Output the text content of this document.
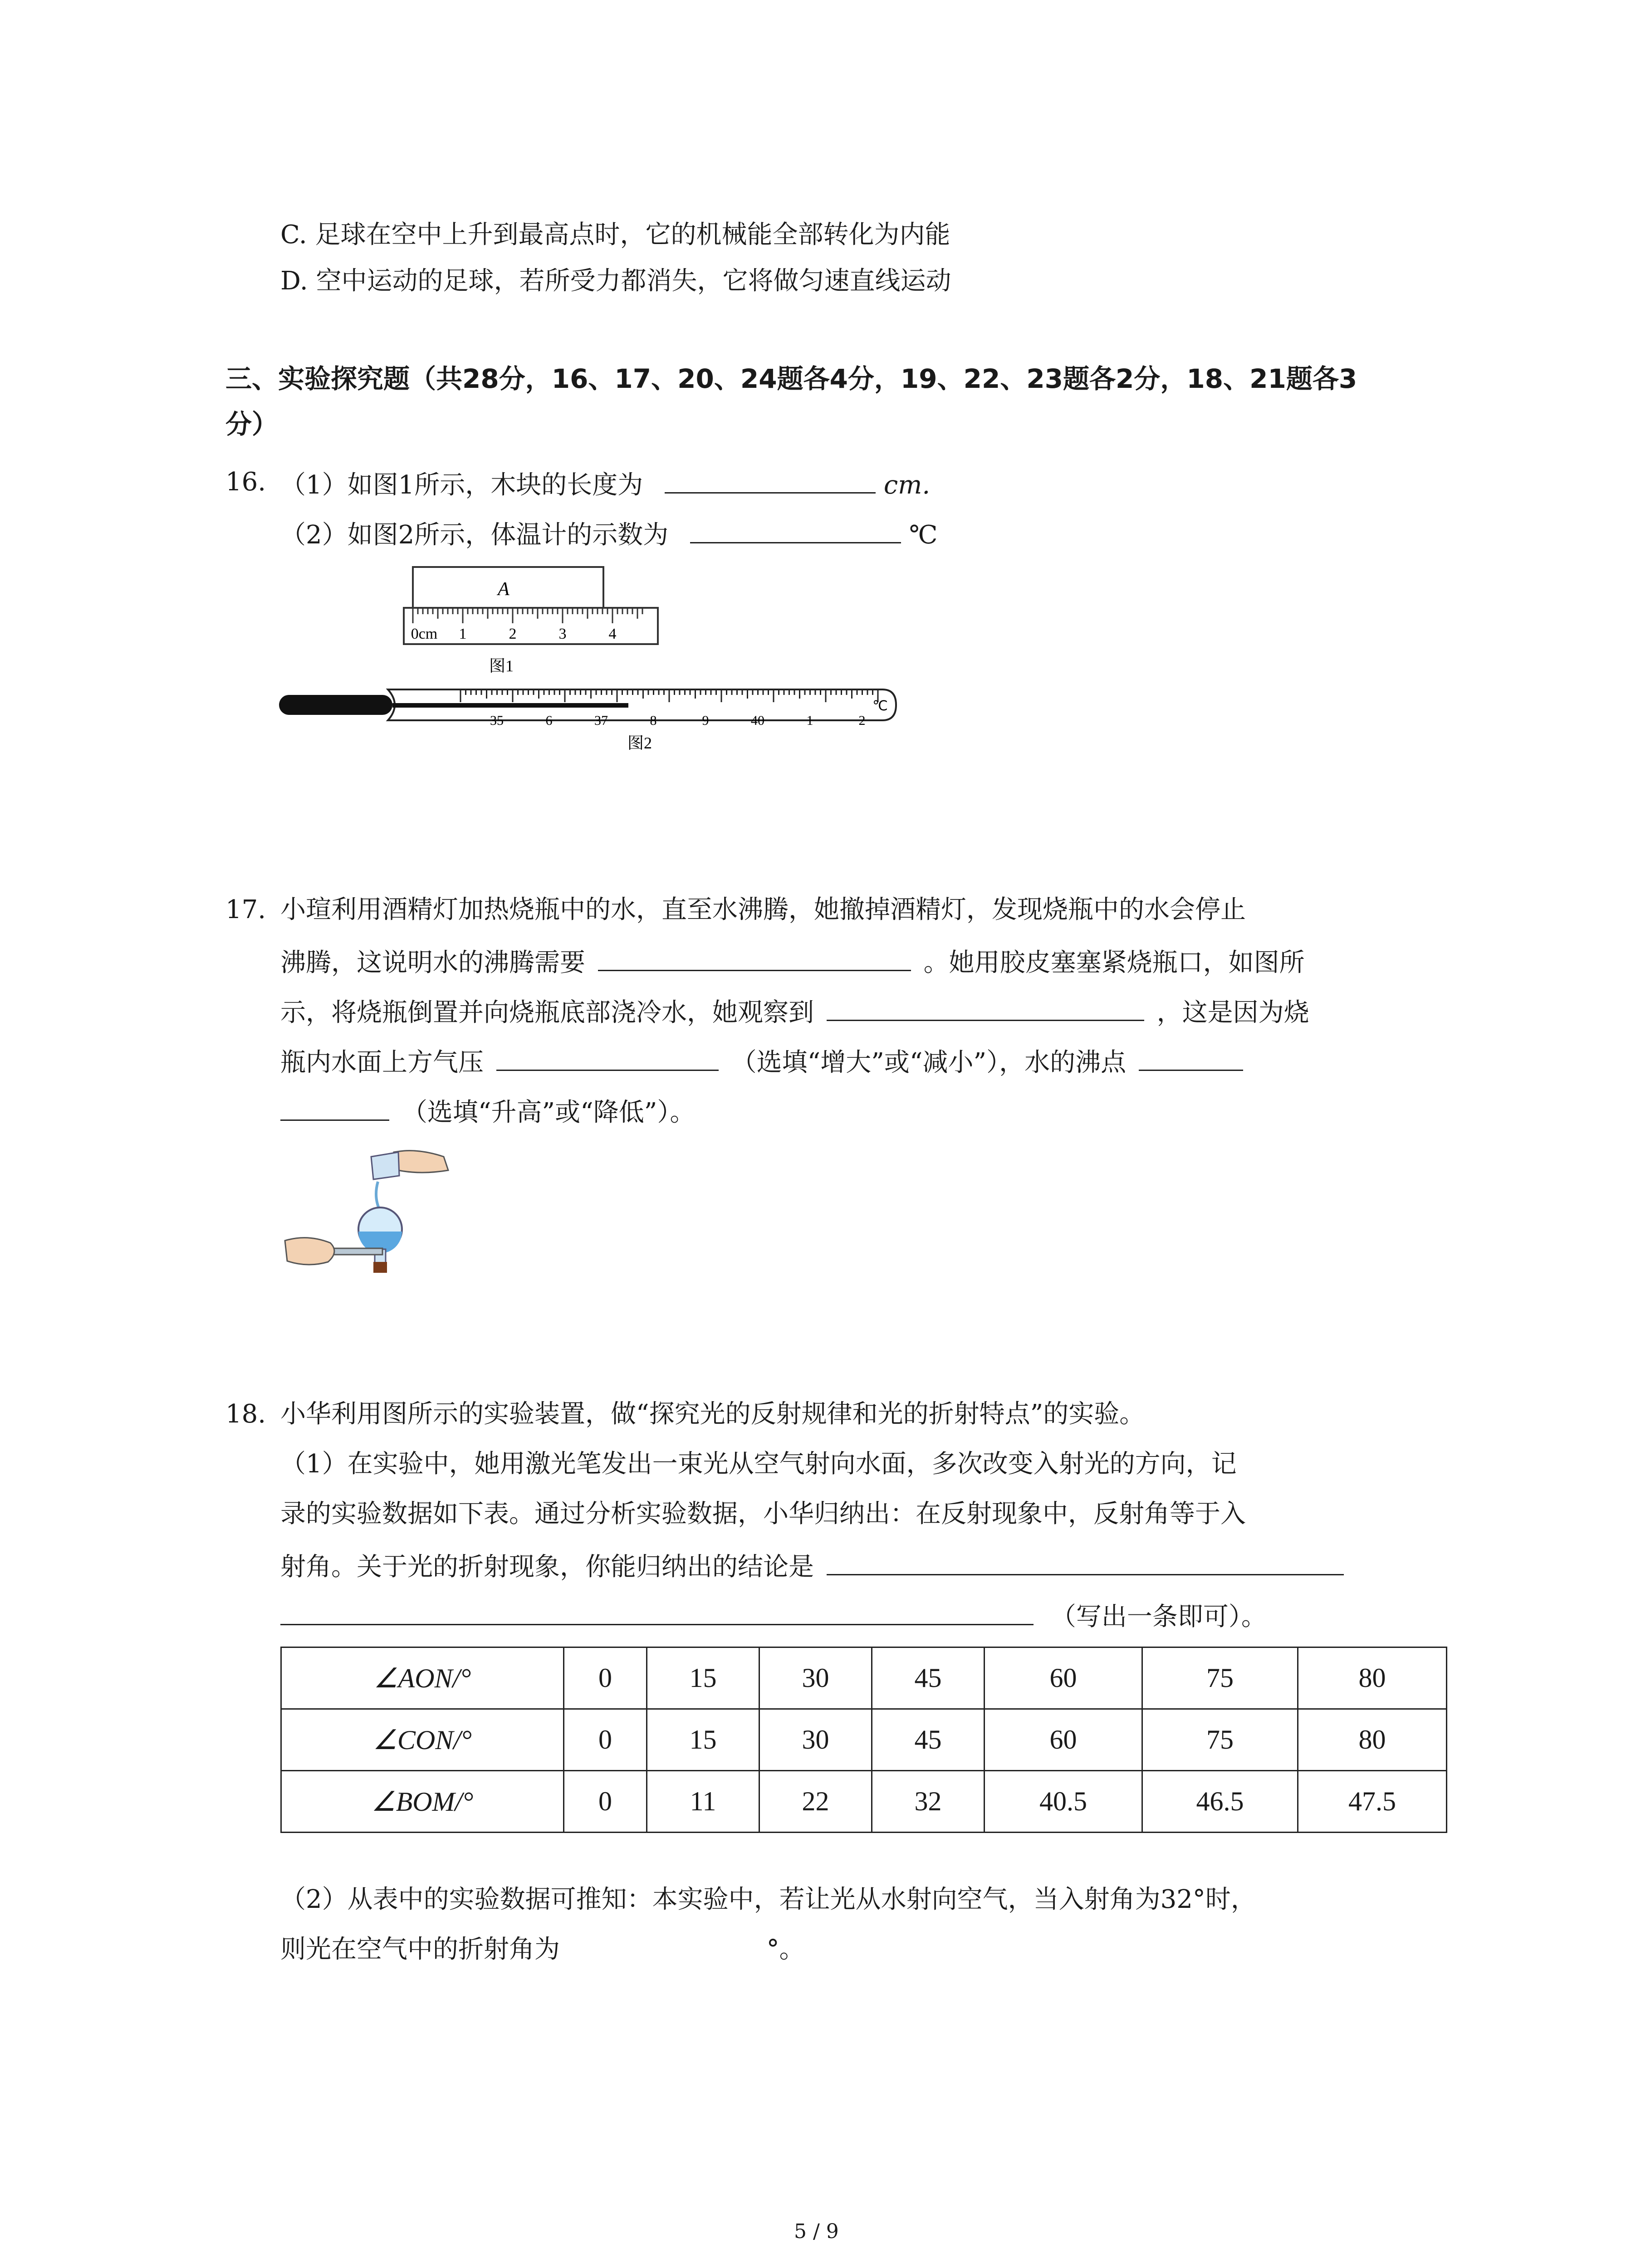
C. 足球在空中上升到最高点时，它的机械能全部转化为内能
D. 空中运动的足球，若所受力都消失，它将做匀速直线运动
三、实验探究题（共28分，16、17、20、24题各4分，19、22、23题各2分，18、21题各3
分）
16. （1）如图1所示，木块的长度为	cm.
（2）如图2所示，体温计的示数为	℃
A
0cm 1	2	3	4
图1
35	6	37	8	9	40	1	2
℃
图2
17. 小瑄利用酒精灯加热烧瓶中的水，直至水沸腾，她撤掉酒精灯，发现烧瓶中的水会停止
沸腾，这说明水的沸腾需要	。她用胶皮塞塞紧烧瓶口，如图所
示，将烧瓶倒置并向烧瓶底部浇冷水，她观察到	，这是因为烧
瓶内水面上方气压	（选填“增大”或“减小”），水的沸点
（选填“升高”或“降低”）。
18. 小华利用图所示的实验装置，做“探究光的反射规律和光的折射特点”的实验。
（1）在实验中，她用激光笔发出一束光从空气射向水面，多次改变入射光的方向，记
录的实验数据如下表。通过分析实验数据，小华归纳出：在反射现象中，反射角等于入
射角。关于光的折射现象，你能归纳出的结论是
（写出一条即可）。
∠AON/°	0	15	30	45	60	75	80
∠CON/°	0	15	30	45	60	75	80
∠BOM/°	0	11	22	32	40.5	46.5	47.5
（2）从表中的实验数据可推知：本实验中，若让光从水射向空气，当入射角为32°时，
则光在空气中的折射角为	°。
5 / 9
